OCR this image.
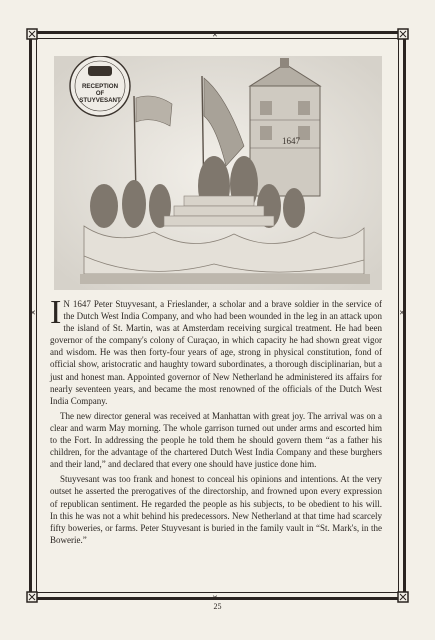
✕	✕
✕
✕
1647
RECEPTION
OF
STUYVESANT

I N 1647 Peter Stuyvesant, a Frieslander, a scholar and a brave soldier in the service of the Dutch West India Company, and who had been wounded in the leg in an attack upon the island of St. Martin, was at Amsterdam receiving surgical treatment. He had been governor of the company's colony of Curaçao, in which capacity he had shown great vigor and wisdom. He was then forty-four years of age, strong in physical constitution, fond of official show, aristocratic and haughty toward subordinates, a thorough disciplinarian, but a just and honest man. Appointed governor of New Netherland he administered its affairs for nearly seventeen years, and became the most renowned of the officials of the Dutch West India Company.

The new director general was received at Manhattan with great joy. The arrival was on a clear and warm May morning. The whole garrison turned out under arms and escorted him to the Fort. In addressing the people he told them he should govern them “as a father his children, for the advantage of the chartered Dutch West India Company and these burghers and their land,” and declared that every one should have justice done him.

Stuyvesant was too frank and honest to conceal his opinions and intentions. At the very outset he asserted the prerogatives of the directorship, and frowned upon every expression of republican sentiment. He regarded the people as his subjects, to be obedient to his will. In this he was not a whit behind his predecessors. New Netherland at that time had scarcely fifty boweries, or farms. Peter Stuyvesant is buried in the family vault in “St. Mark's, in the Bowerie.”

25
